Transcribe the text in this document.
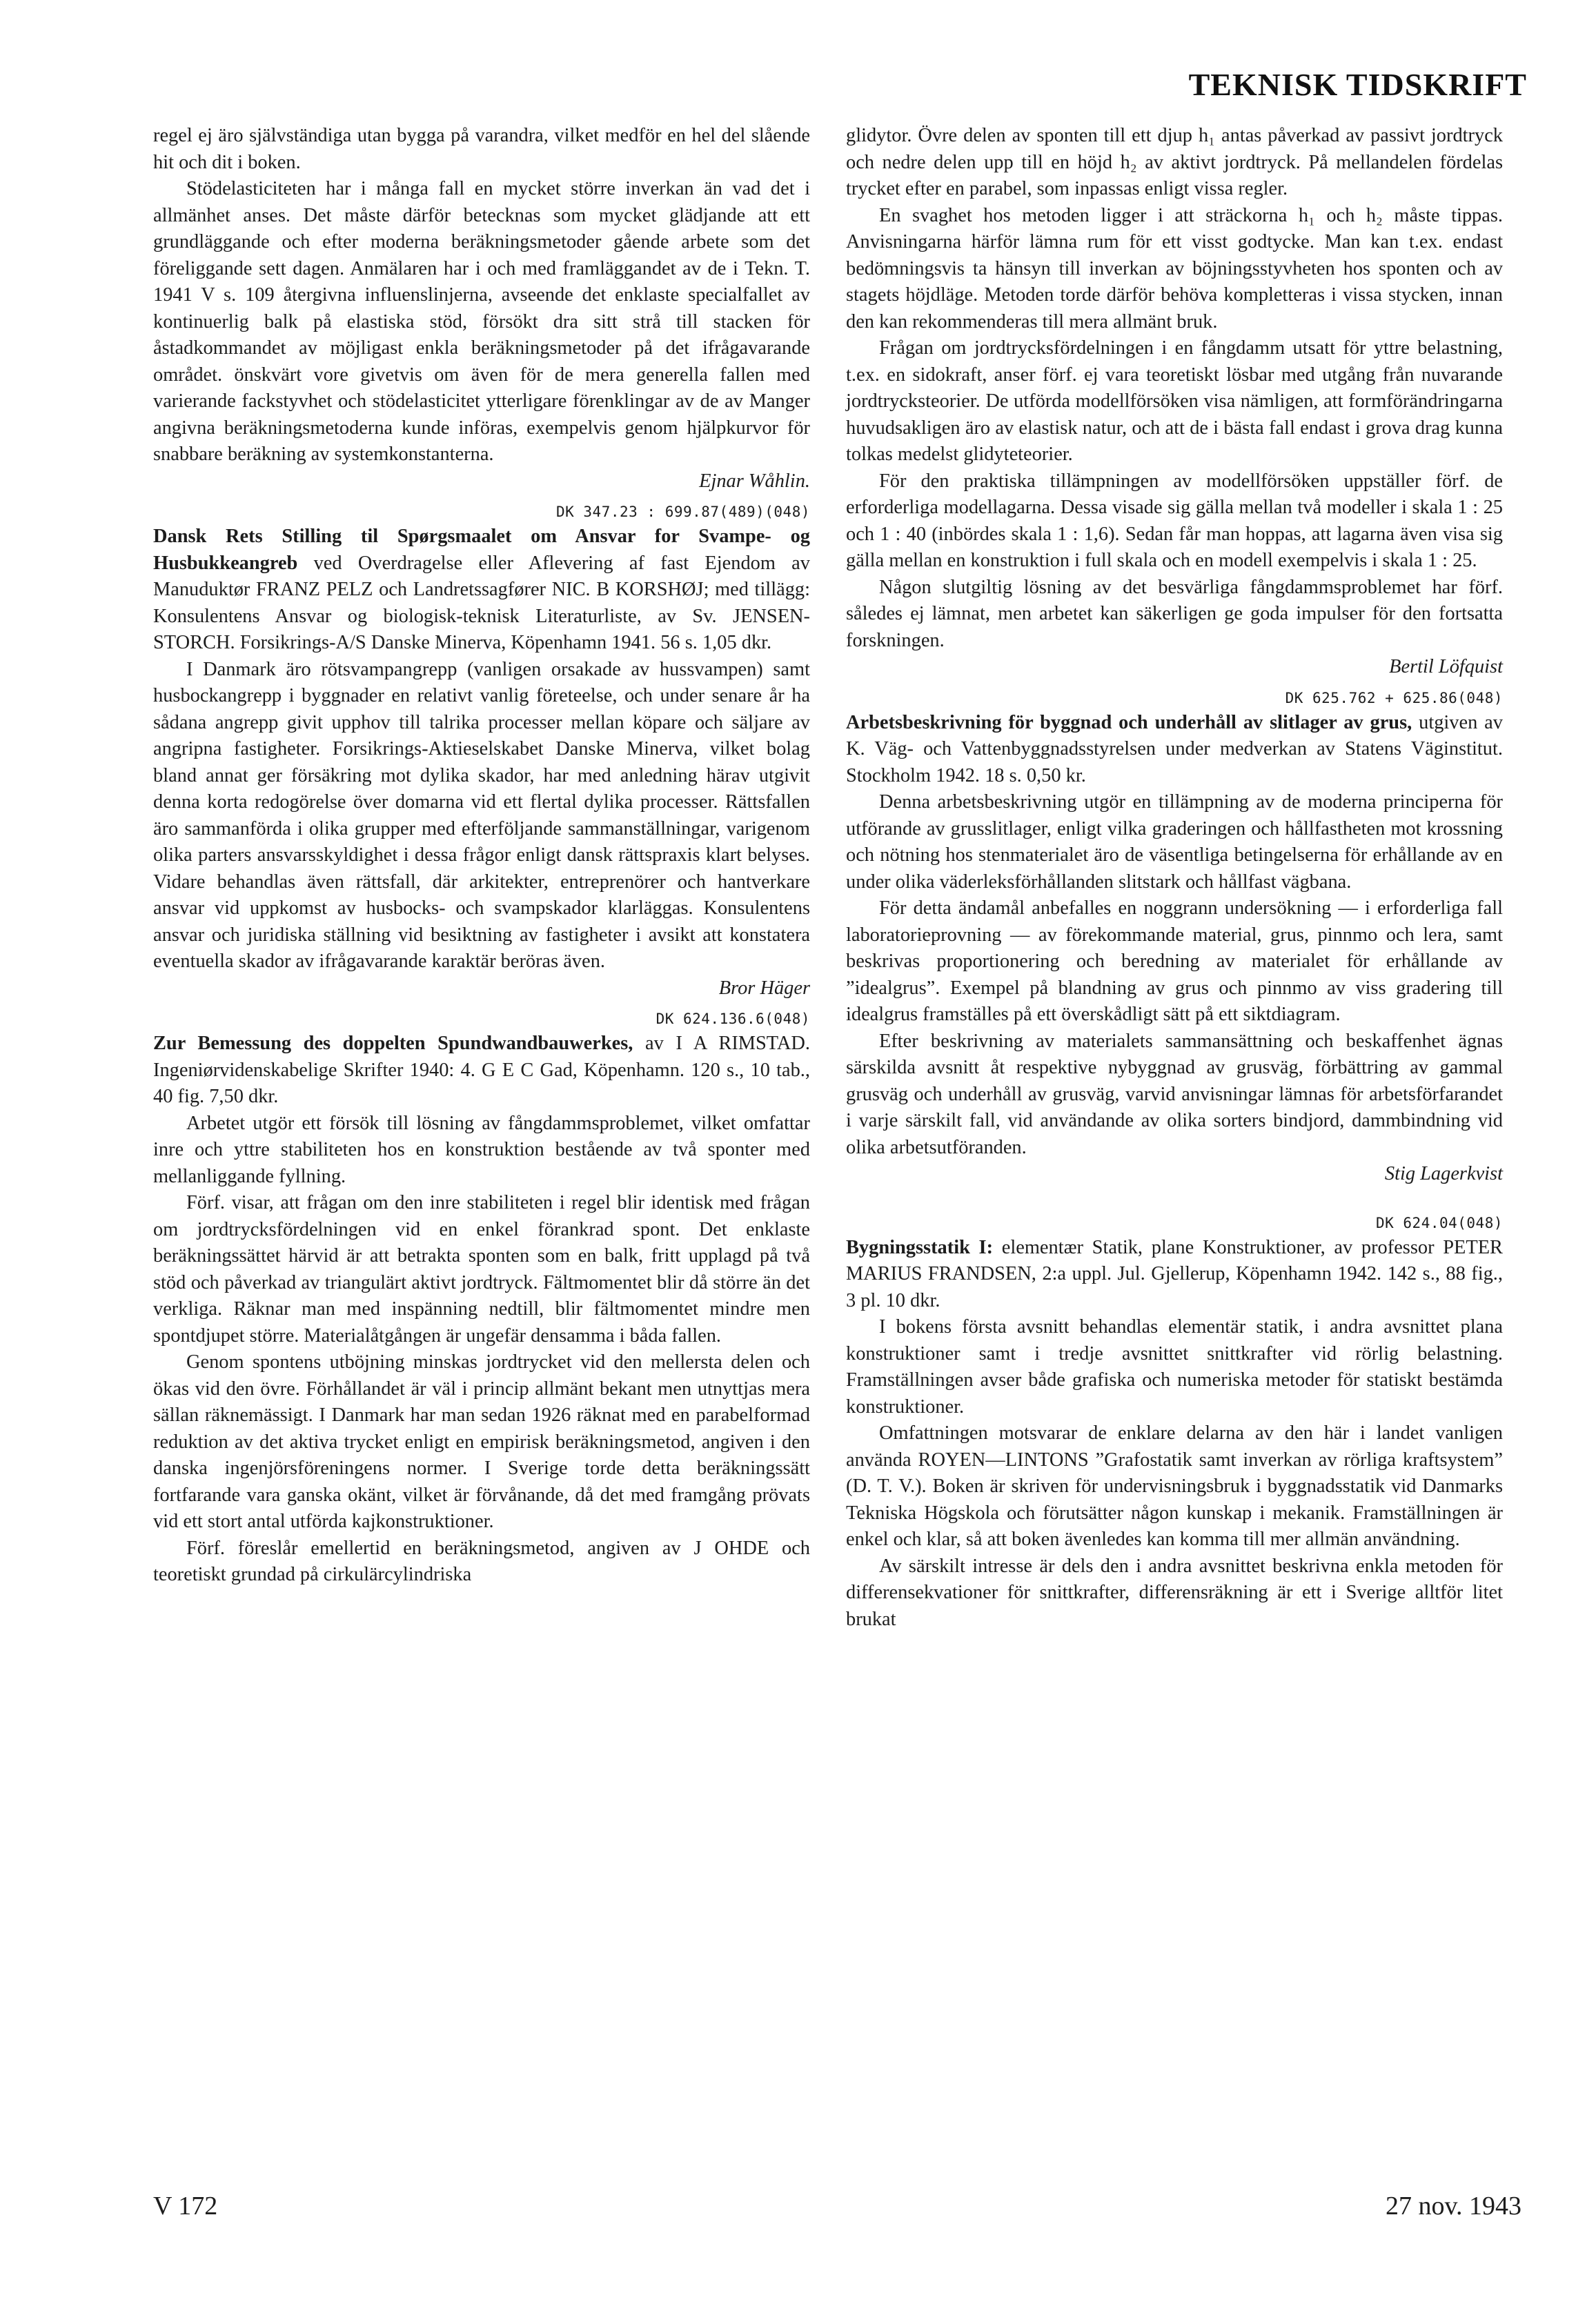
TEKNISK TIDSKRIFT

regel ej äro självständiga utan bygga på varandra, vilket medför en hel del slående hit och dit i boken.

Stödelasticiteten har i många fall en mycket större inverkan än vad det i allmänhet anses. Det måste därför betecknas som mycket glädjande att ett grundläggande och efter moderna beräkningsmetoder gående arbete som det föreliggande sett dagen. Anmälaren har i och med framläggandet av de i Tekn. T. 1941 V s. 109 återgivna influenslinjerna, avseende det enklaste specialfallet av kontinuerlig balk på elastiska stöd, försökt dra sitt strå till stacken för åstadkommandet av möjligast enkla beräkningsmetoder på det ifrågavarande området. önskvärt vore givetvis om även för de mera generella fallen med varierande fackstyvhet och stödelasticitet ytterligare förenklingar av de av Manger angivna beräkningsmetoderna kunde införas, exempelvis genom hjälpkurvor för snabbare beräkning av systemkonstanterna.

Ejnar Wåhlin.

DK 347.23 : 699.87(489)(048)

Dansk Rets Stilling til Spørgsmaalet om Ansvar for Svampe- og Husbukkeangreb ved Overdragelse eller Aflevering af fast Ejendom av Manuduktør FRANZ PELZ och Landretssagfører NIC. B KORSHØJ; med tillägg: Konsulentens Ansvar og biologisk-teknisk Literaturliste, av Sv. JENSEN-STORCH. Forsikrings-A/S Danske Minerva, Köpenhamn 1941. 56 s. 1,05 dkr.

I Danmark äro rötsvampangrepp (vanligen orsakade av hussvampen) samt husbockangrepp i byggnader en relativt vanlig företeelse, och under senare år ha sådana angrepp givit upphov till talrika processer mellan köpare och säljare av angripna fastigheter. Forsikrings-Aktieselskabet Danske Minerva, vilket bolag bland annat ger försäkring mot dylika skador, har med anledning härav utgivit denna korta redogörelse över domarna vid ett flertal dylika processer. Rättsfallen äro sammanförda i olika grupper med efterföljande sammanställningar, varigenom olika parters ansvarsskyldighet i dessa frågor enligt dansk rättspraxis klart belyses. Vidare behandlas även rättsfall, där arkitekter, entreprenörer och hantverkare ansvar vid uppkomst av husbocks- och svampskador klarläggas. Konsulentens ansvar och juridiska ställning vid besiktning av fastigheter i avsikt att konstatera eventuella skador av ifrågavarande karaktär beröras även.

Bror Häger

DK 624.136.6(048)

Zur Bemessung des doppelten Spundwandbauwerkes, av I A RIMSTAD. Ingeniørvidenskabelige Skrifter 1940: 4. G E C Gad, Köpenhamn. 120 s., 10 tab., 40 fig. 7,50 dkr.

Arbetet utgör ett försök till lösning av fångdammsproblemet, vilket omfattar inre och yttre stabiliteten hos en konstruktion bestående av två sponter med mellanliggande fyllning.

Förf. visar, att frågan om den inre stabiliteten i regel blir identisk med frågan om jordtrycksfördelningen vid en enkel förankrad spont. Det enklaste beräkningssättet härvid är att betrakta sponten som en balk, fritt upplagd på två stöd och påverkad av triangulärt aktivt jordtryck. Fältmomentet blir då större än det verkliga. Räknar man med inspänning nedtill, blir fältmomentet mindre men spontdjupet större. Materialåtgången är ungefär densamma i båda fallen.

Genom spontens utböjning minskas jordtrycket vid den mellersta delen och ökas vid den övre. Förhållandet är väl i princip allmänt bekant men utnyttjas mera sällan räknemässigt. I Danmark har man sedan 1926 räknat med en parabelformad reduktion av det aktiva trycket enligt en empirisk beräkningsmetod, angiven i den danska ingenjörsföreningens normer. I Sverige torde detta beräkningssätt fortfarande vara ganska okänt, vilket är förvånande, då det med framgång prövats vid ett stort antal utförda kajkonstruktioner.

Förf. föreslår emellertid en beräkningsmetod, angiven av J OHDE och teoretiskt grundad på cirkulärcylindriska

glidytor. Övre delen av sponten till ett djup h₁ antas påverkad av passivt jordtryck och nedre delen upp till en höjd h₂ av aktivt jordtryck. På mellandelen fördelas trycket efter en parabel, som inpassas enligt vissa regler.

En svaghet hos metoden ligger i att sträckorna h₁ och h₂ måste tippas. Anvisningarna härför lämna rum för ett visst godtycke. Man kan t.ex. endast bedömningsvis ta hänsyn till inverkan av böjningsstyvheten hos sponten och av stagets höjdläge. Metoden torde därför behöva kompletteras i vissa stycken, innan den kan rekommenderas till mera allmänt bruk.

Frågan om jordtrycksfördelningen i en fångdamm utsatt för yttre belastning, t.ex. en sidokraft, anser förf. ej vara teoretiskt lösbar med utgång från nuvarande jordtrycksteorier. De utförda modellförsöken visa nämligen, att formförändringarna huvudsakligen äro av elastisk natur, och att de i bästa fall endast i grova drag kunna tolkas medelst glidyteteorier.

För den praktiska tillämpningen av modellförsöken uppställer förf. de erforderliga modellagarna. Dessa visade sig gälla mellan två modeller i skala 1 : 25 och 1 : 40 (inbördes skala 1 : 1,6). Sedan får man hoppas, att lagarna även visa sig gälla mellan en konstruktion i full skala och en modell exempelvis i skala 1 : 25.

Någon slutgiltig lösning av det besvärliga fångdammsproblemet har förf. således ej lämnat, men arbetet kan säkerligen ge goda impulser för den fortsatta forskningen.

Bertil Löfquist

DK 625.762 + 625.86(048)

Arbetsbeskrivning för byggnad och underhåll av slitlager av grus, utgiven av K. Väg- och Vattenbyggnadsstyrelsen under medverkan av Statens Väginstitut. Stockholm 1942. 18 s. 0,50 kr.

Denna arbetsbeskrivning utgör en tillämpning av de moderna principerna för utförande av grusslitlager, enligt vilka graderingen och hållfastheten mot krossning och nötning hos stenmaterialet äro de väsentliga betingelserna för erhållande av en under olika väderleksförhållanden slitstark och hållfast vägbana.

För detta ändamål anbefalles en noggrann undersökning — i erforderliga fall laboratorieprovning — av förekommande material, grus, pinnmo och lera, samt beskrivas proportionering och beredning av materialet för erhållande av ”idealgrus”. Exempel på blandning av grus och pinnmo av viss gradering till idealgrus framställes på ett överskådligt sätt på ett siktdiagram.

Efter beskrivning av materialets sammansättning och beskaffenhet ägnas särskilda avsnitt åt respektive nybyggnad av grusväg, förbättring av gammal grusväg och underhåll av grusväg, varvid anvisningar lämnas för arbetsförfarandet i varje särskilt fall, vid användande av olika sorters bindjord, dammbindning vid olika arbetsutföranden.

Stig Lagerkvist

DK 624.04(048)

Bygningsstatik I: elementær Statik, plane Konstruktioner, av professor PETER MARIUS FRANDSEN, 2:a uppl. Jul. Gjellerup, Köpenhamn 1942. 142 s., 88 fig., 3 pl. 10 dkr.

I bokens första avsnitt behandlas elementär statik, i andra avsnittet plana konstruktioner samt i tredje avsnittet snittkrafter vid rörlig belastning. Framställningen avser både grafiska och numeriska metoder för statiskt bestämda konstruktioner.

Omfattningen motsvarar de enklare delarna av den här i landet vanligen använda ROYEN—LINTONS ”Grafostatik samt inverkan av rörliga kraftsystem” (D. T. V.). Boken är skriven för undervisningsbruk i byggnadsstatik vid Danmarks Tekniska Högskola och förutsätter någon kunskap i mekanik. Framställningen är enkel och klar, så att boken ävenledes kan komma till mer allmän användning.

Av särskilt intresse är dels den i andra avsnittet beskrivna enkla metoden för differensekvationer för snittkrafter, differensräkning är ett i Sverige alltför litet brukat

V 172	27 nov. 1943
